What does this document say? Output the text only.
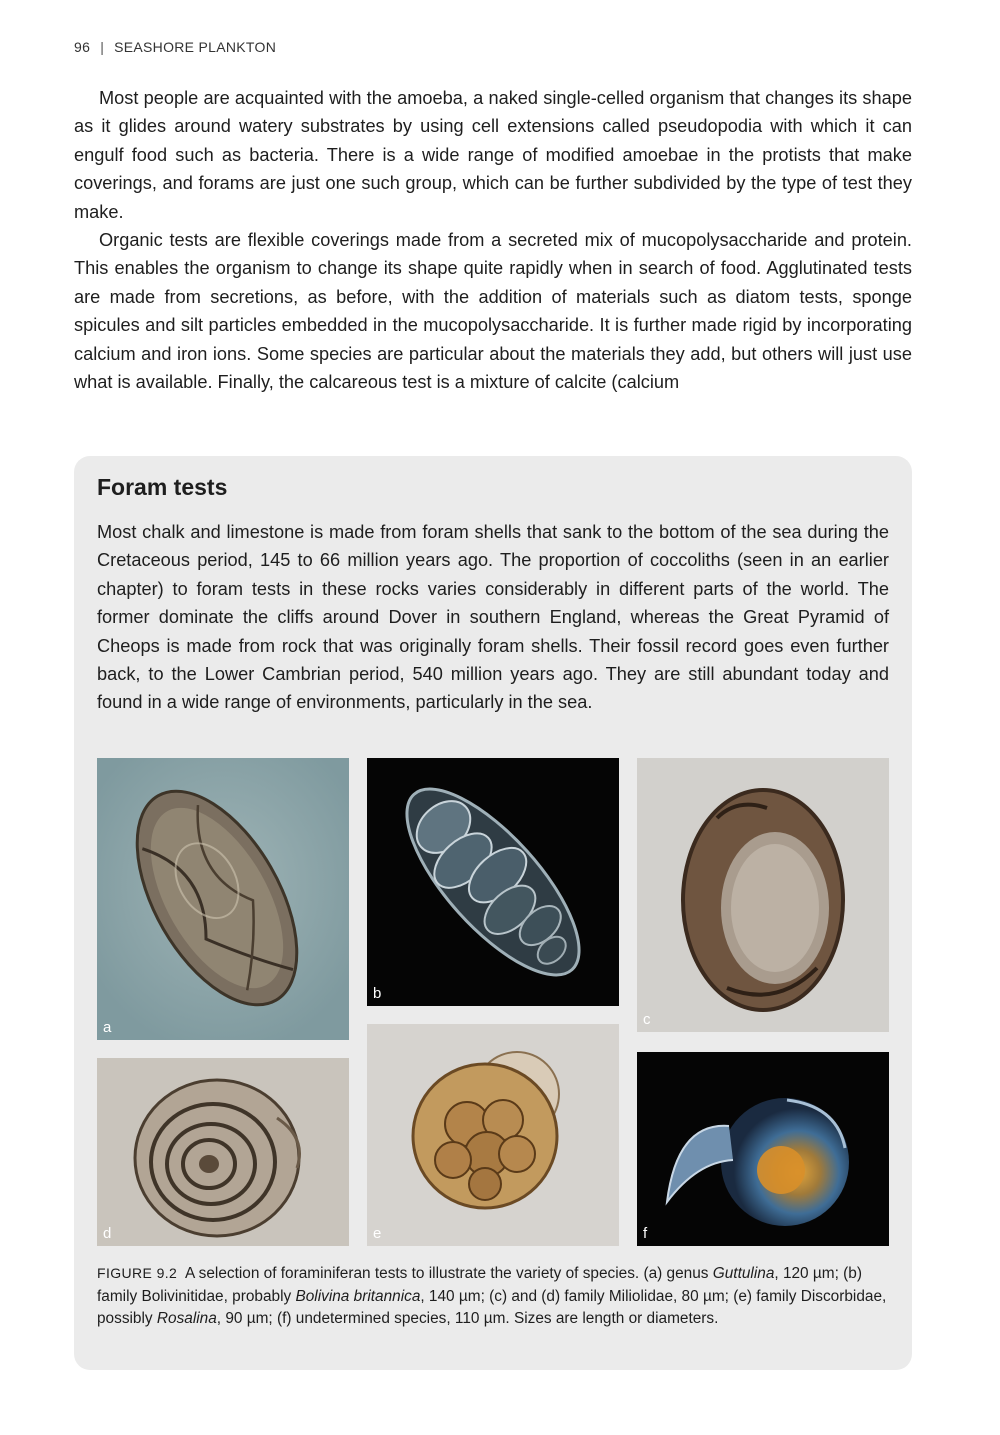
96 | SEASHORE PLANKTON

Most people are acquainted with the amoeba, a naked single-celled organism that changes its shape as it glides around watery substrates by using cell extensions called pseudopodia with which it can engulf food such as bacteria. There is a wide range of modified amoebae in the protists that make coverings, and forams are just one such group, which can be further subdivided by the type of test they make.

Organic tests are flexible coverings made from a secreted mix of mucopolysaccharide and protein. This enables the organism to change its shape quite rapidly when in search of food. Agglutinated tests are made from secretions, as before, with the addition of materials such as diatom tests, sponge spicules and silt particles embedded in the mucopolysaccharide. It is further made rigid by incorporating calcium and iron ions. Some species are particular about the materials they add, but others will just use what is available. Finally, the calcareous test is a mixture of calcite (calcium

Foram tests

Most chalk and limestone is made from foram shells that sank to the bottom of the sea during the Cretaceous period, 145 to 66 million years ago. The proportion of coccoliths (seen in an earlier chapter) to foram tests in these rocks varies considerably in different parts of the world. The former dominate the cliffs around Dover in southern England, whereas the Great Pyramid of Cheops is made from rock that was originally foram shells. Their fossil record goes even further back, to the Lower Cambrian period, 540 million years ago. They are still abundant today and found in a wide range of environments, particularly in the sea.

a
b
c
d	e	f

FIGURE 9.2 A selection of foraminiferan tests to illustrate the variety of species. (a) genus Guttulina, 120 µm; (b) family Bolivinitidae, probably Bolivina britannica, 140 µm; (c) and (d) family Miliolidae, 80 µm; (e) family Discorbidae, possibly Rosalina, 90 µm; (f) undetermined species, 110 µm. Sizes are length or diameters.
